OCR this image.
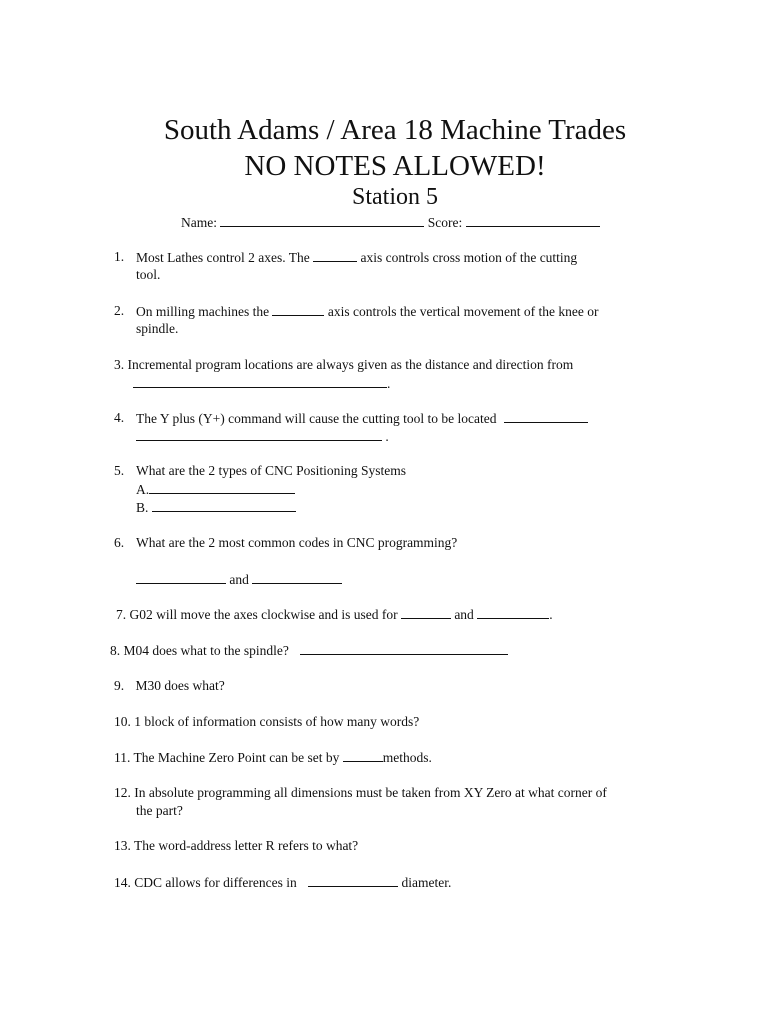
South Adams / Area 18 Machine Trades
NO NOTES ALLOWED!
Station 5
Name:	Score:
1. Most Lathes control 2 axes. The	axis controls cross motion of the cutting
tool.
2. On milling machines the	axis controls the vertical movement of the knee or
spindle.
3. Incremental program locations are always given as the distance and direction from
.
4. The Y plus (Y+) command will cause the cutting tool to be located
.
5. What are the 2 types of CNC Positioning Systems
A.
B.
6. What are the 2 most common codes in CNC programming?
and
7. G02 will move the axes clockwise and is used for	and	.
8. M04 does what to the spindle?
9. M30 does what?
10. 1 block of information consists of how many words?
11. The Machine Zero Point can be set by	methods.
12. In absolute programming all dimensions must be taken from XY Zero at what corner of
the part?
13. The word-address letter R refers to what?
14. CDC allows for differences in	diameter.
